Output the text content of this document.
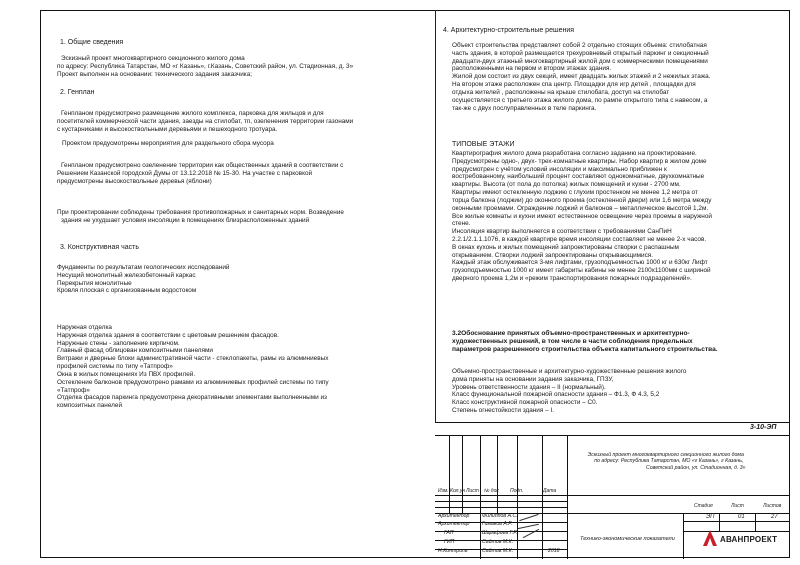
1. Общие сведения
Эскизный проект многоквартирного секционного жилого дома
по адресу: Республика Татарстан, МО «г Казань», г.Казань, Советский район, ул. Стадионная, д. 3»
Проект выполнен на основании: технического задания заказчика;
2. Генплан
Генпланом предусмотрено размещение жилого комплекса, парковка для жильцов и для
посетителей коммерческой части здания, заезды на стилобат, тп, озеленения территории газонами
с кустарниками и высокоствольными деревьями и пешеходного тротуара.
Проектом предусмотрены мероприятия для раздельного сбора мусора
Генпланом предусмотрено озеленение территории как общественных зданий в соответствии с
Решением Казанской городской Думы от 13.12.2018 № 15-30. На участке с парковкой
предусмотрены высокоствольные деревья (яблони)
При проектировании соблюдены требования противопожарных и санитарных норм. Возведение
здания не ухудшает условия инсоляции в помещениях близрасположенных зданий
3. Конструктивная часть
Фундаменты по результатам геологических исследований
Несущий монолитный железобетонный каркас
Перекрытия монолитные
Кровля плоская с организованным водостоком
Наружная отделка
Наружная отделка здания в соответствии с цветовым решением фасадов.
Наружные стены - заполнение кирпичом.
Главный фасад облицован композитными панелями
Витражи и дверные блоки административной части - стеклопакеты, рамы из алюминиевых
профилей системы по типу «Татпроф»
Окна в жилых помещениях Из ПВХ профилей.
Остекление балконов предусмотрено рамами из алюминиевых профилей системы по типу
«Татпроф»
Отделка фасадов паркинга предусмотрена декоративными элементами выполненными из
композитных панелей
4. Архитектурно-строительные решения
Объект строительства представляет собой 2 отдельно стоящих объема: стилобатная
часть здания, в которой размещается трехуровневый открытый паркинг и секционный
двадцати-двух этажный многоквартирный жилой дом с коммерческими помещениями
расположенными на первом и втором этажах здания.
Жилой дом состоит из двух секций, имеет двадцать жилых этажей и 2 нежилых этажа.
На втором этаже расположен спа центр. Площадки для игр детей , площадки для
отдыха жителей , расположены на крыше стилобата, доступ на стилобат
осуществляется с третьего этажа жилого дома, по рампе открытого типа с навесом, а
так-же с двух послуправленных в теле паркинга.
ТИПОВЫЕ ЭТАЖИ
Квартирография жилого дома разработана согласно заданию на проектирование.
Предусмотрены одно-, двух- трех-комнатные квартиры. Набор квартир в жилом доме
предусмотрен с учётом условий инсоляции и максимально приближен к
востребованному, наибольший процент составляют однокомнатные, двухкомнатные
квартиры. Высота (от пола до потолка) жилых помещений и кухни - 2700 мм.
Квартиры имеют остекленную лоджию с глухим простенком не менее 1,2 метра от
торца балкона (лоджии) до оконного проема (остекленной двери) или 1,6 метра между
оконными проемами. Ограждение лоджий и балконов – металлическое высотой 1,2м.
Все жилые комнаты и кухни имеют естественное освещение через проемы в наружной
стене.
Инсоляция квартир выполняется в соответствии с требованиями СанПиН
2.2.1/2.1.1.1076, в каждой квартире время инсоляции составляет не менее 2-х часов.
В окнах кухонь и жилых помещений запроектированы створки с распашным
открыванием. Створки лоджий запроектированы открывающимися.
Каждый этаж обслуживается 3-мя лифтами, грузоподъемностью 1000 кг и 630кг Лифт
грузоподъемностью 1000 кг имеет габариты кабины не менее 2100х1100мм с шириной
дверного проема 1,2м и «режим транспортирования пожарных подразделений».
3.2Обоснование принятых объемно-пространственных и архитектурно-
художественных решений, в том числе в части соблюдения предельных
параметров разрешенного строительства объекта капитального строительства.
Объемно-пространственные и архитектурно-художественные решения жилого
дома приняты на основании задания заказчика, ГПЗУ,
Уровень ответственности здания – II (нормальный).
Класс функциональной пожарной опасности здания – Ф1.3, Ф 4.3, 5,2
Класс конструктивной пожарной опасности – С0.
Степень огнестойкости здания – I.
3-10-ЭП
Эскизный проект многоквартирного секционного жилого дома
по адресу: Республика Татарстан, МО «г Казань», г Казань,
Советский район, ул. Стадионная, д. 3»
Изм. Кол.уч Лист № док Подп.	Дата
Стадия	Лист	Листов
ЭП	01	27
Архитектор Филиппов А.С.
Архитектор Гимаков А.Р.
ГАП	Шарафиев Г.Р.
ГИП	Сайтов М.К.
Н.Контроль	Сайтов М.К.	2018
Технико-экономические показатели	АВАНПРОЕКТ
